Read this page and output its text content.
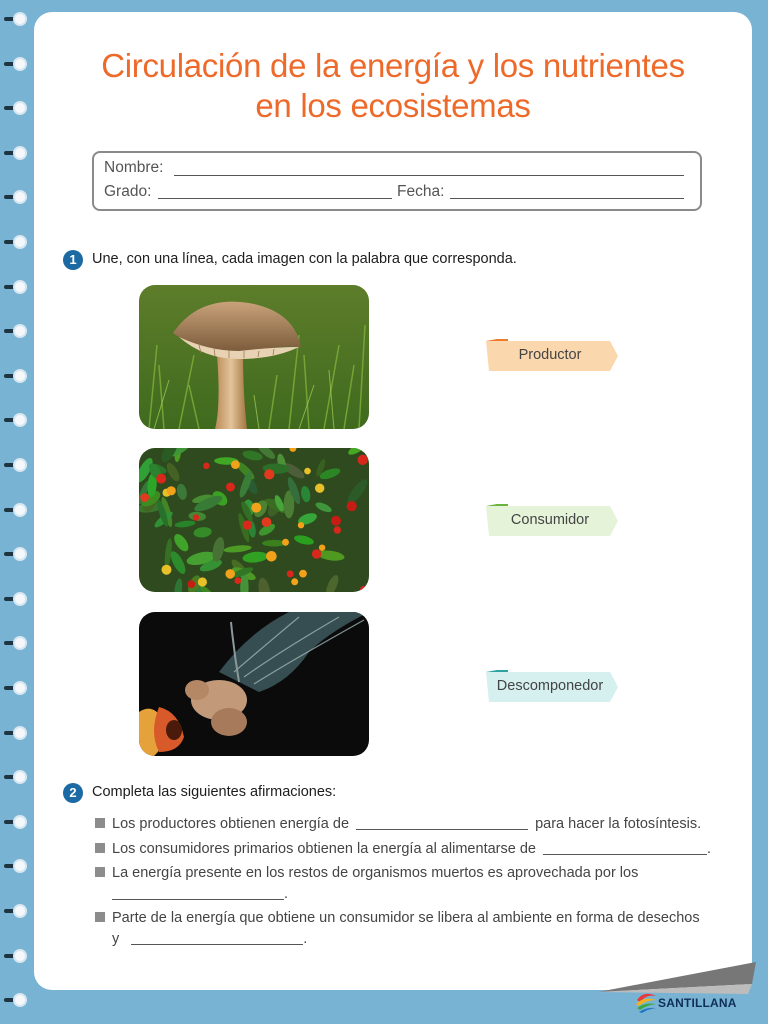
Circulación de la energía y los nutrientes
en los ecosistemas
Nombre:
Grado:	Fecha:
1	Une, con una línea, cada imagen con la palabra que corresponda.
Productor
Consumidor
Descomponedor
2	Completa las siguientes afirmaciones:
Los productores obtienen energía de	para hacer la fotosíntesis.
Los consumidores primarios obtienen la energía al alimentarse de	.
La energía presente en los restos de organismos muertos es aprovechada por los
.
Parte de la energía que obtiene un consumidor se libera al ambiente en forma de desechos
y	.
SANTILLANA
